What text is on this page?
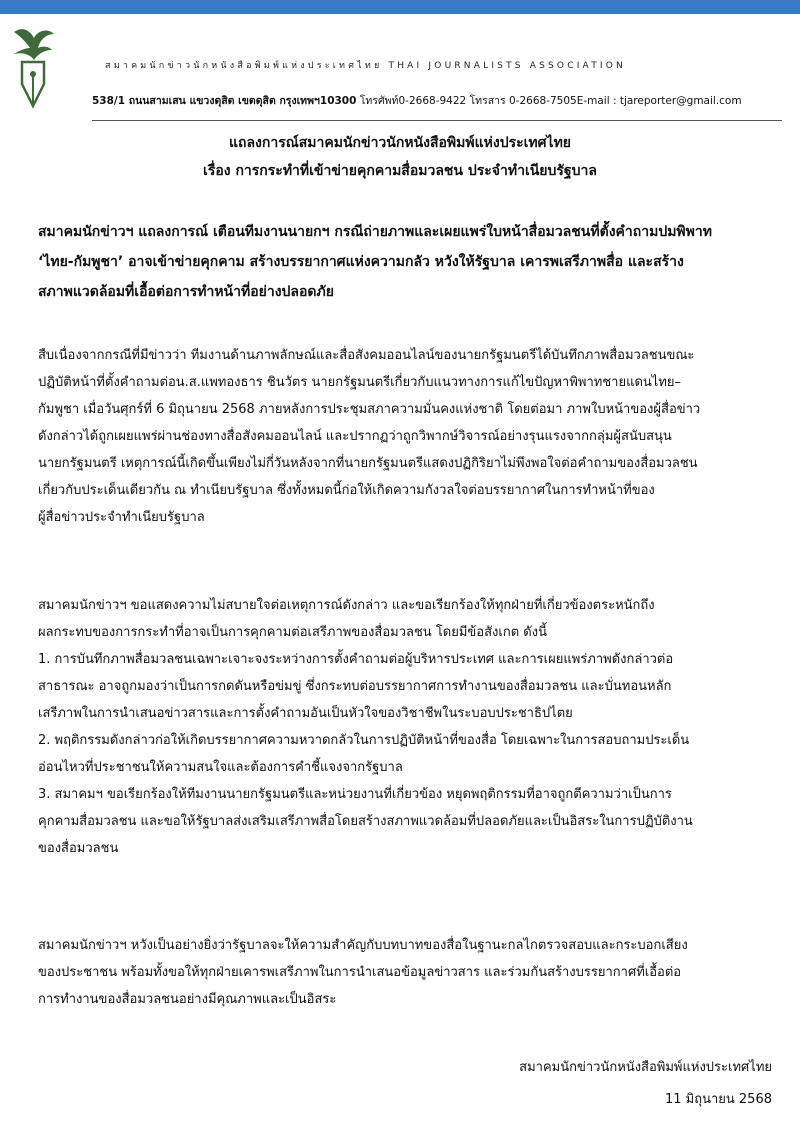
สมาคมนักข่าวนักหนังสือพิมพ์แห่งประเทศไทย THAI JOURNALISTS ASSOCIATION
538/1 ถนนสามเสน แขวงดุสิต เขตดุสิต กรุงเทพฯ10300 โทรศัพท์0-2668-9422 โทรสาร 0-2668-7505E-mail : tjareporter@gmail.com
แถลงการณ์สมาคมนักข่าวนักหนังสือพิมพ์แห่งประเทศไทย
เรื่อง การกระทำที่เข้าข่ายคุกคามสื่อมวลชน ประจำทำเนียบรัฐบาล
สมาคมนักข่าวฯ แถลงการณ์ เตือนทีมงานนายกฯ กรณีถ่ายภาพและเผยแพร่ใบหน้าสื่อมวลชนที่ตั้งคำถามปมพิพาท
‘ไทย-กัมพูชา’ อาจเข้าข่ายคุกคาม สร้างบรรยากาศแห่งความกลัว หวังให้รัฐบาล เคารพเสรีภาพสื่อ และสร้าง
สภาพแวดล้อมที่เอื้อต่อการทำหน้าที่อย่างปลอดภัย
สืบเนื่องจากกรณีที่มีข่าวว่า ทีมงานด้านภาพลักษณ์และสื่อสังคมออนไลน์ของนายกรัฐมนตรีได้บันทึกภาพสื่อมวลชนขณะ
ปฏิบัติหน้าที่ตั้งคำถามต่อน.ส.แพทองธาร ชินวัตร นายกรัฐมนตรีเกี่ยวกับแนวทางการแก้ไขปัญหาพิพาทชายแดนไทย–
กัมพูชา เมื่อวันศุกร์ที่ 6 มิถุนายน 2568 ภายหลังการประชุมสภาความมั่นคงแห่งชาติ โดยต่อมา ภาพใบหน้าของผู้สื่อข่าว
ดังกล่าวได้ถูกเผยแพร่ผ่านช่องทางสื่อสังคมออนไลน์ และปรากฏว่าถูกวิพากษ์วิจารณ์อย่างรุนแรงจากกลุ่มผู้สนับสนุน
นายกรัฐมนตรี เหตุการณ์นี้เกิดขึ้นเพียงไม่กี่วันหลังจากที่นายกรัฐมนตรีแสดงปฏิกิริยาไม่พึงพอใจต่อคำถามของสื่อมวลชน
เกี่ยวกับประเด็นเดียวกัน ณ ทำเนียบรัฐบาล ซึ่งทั้งหมดนี้ก่อให้เกิดความกังวลใจต่อบรรยากาศในการทำหน้าที่ของ
ผู้สื่อข่าวประจำทำเนียบรัฐบาล
สมาคมนักข่าวฯ ขอแสดงความไม่สบายใจต่อเหตุการณ์ดังกล่าว และขอเรียกร้องให้ทุกฝ่ายที่เกี่ยวข้องตระหนักถึง
ผลกระทบของการกระทำที่อาจเป็นการคุกคามต่อเสรีภาพของสื่อมวลชน โดยมีข้อสังเกต ดังนี้
1. การบันทึกภาพสื่อมวลชนเฉพาะเจาะจงระหว่างการตั้งคำถามต่อผู้บริหารประเทศ และการเผยแพร่ภาพดังกล่าวต่อ
สาธารณะ อาจถูกมองว่าเป็นการกดดันหรือข่มขู่ ซึ่งกระทบต่อบรรยากาศการทำงานของสื่อมวลชน และบั่นทอนหลัก
เสรีภาพในการนำเสนอข่าวสารและการตั้งคำถามอันเป็นหัวใจของวิชาชีพในระบอบประชาธิปไตย
2. พฤติกรรมดังกล่าวก่อให้เกิดบรรยากาศความหวาดกลัวในการปฏิบัติหน้าที่ของสื่อ โดยเฉพาะในการสอบถามประเด็น
อ่อนไหวที่ประชาชนให้ความสนใจและต้องการคำชี้แจงจากรัฐบาล
3. สมาคมฯ ขอเรียกร้องให้ทีมงานนายกรัฐมนตรีและหน่วยงานที่เกี่ยวข้อง หยุดพฤติกรรมที่อาจถูกตีความว่าเป็นการ
คุกคามสื่อมวลชน และขอให้รัฐบาลส่งเสริมเสรีภาพสื่อโดยสร้างสภาพแวดล้อมที่ปลอดภัยและเป็นอิสระในการปฏิบัติงาน
ของสื่อมวลชน
สมาคมนักข่าวฯ หวังเป็นอย่างยิ่งว่ารัฐบาลจะให้ความสำคัญกับบทบาทของสื่อในฐานะกลไกตรวจสอบและกระบอกเสียง
ของประชาชน พร้อมทั้งขอให้ทุกฝ่ายเคารพเสรีภาพในการนำเสนอข้อมูลข่าวสาร และร่วมกันสร้างบรรยากาศที่เอื้อต่อ
การทำงานของสื่อมวลชนอย่างมีคุณภาพและเป็นอิสระ
สมาคมนักข่าวนักหนังสือพิมพ์แห่งประเทศไทย
11 มิถุนายน 2568
